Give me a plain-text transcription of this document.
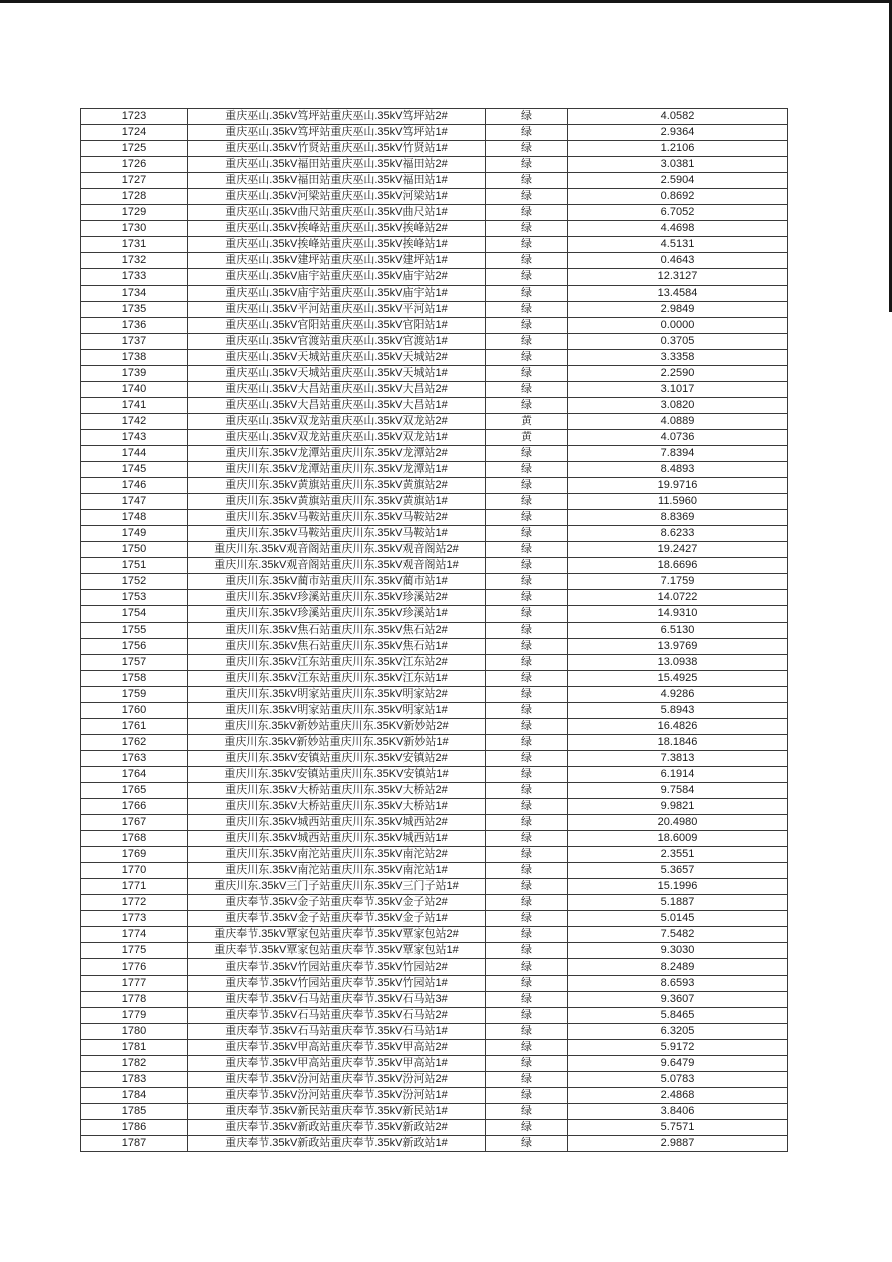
1723	重庆巫山.35kV笃坪站重庆巫山.35kV笃坪站2#	绿	4.0582
1724	重庆巫山.35kV笃坪站重庆巫山.35kV笃坪站1#	绿	2.9364
1725	重庆巫山.35kV竹贤站重庆巫山.35kV竹贤站1#	绿	1.2106
1726	重庆巫山.35kV福田站重庆巫山.35kV福田站2#	绿	3.0381
1727	重庆巫山.35kV福田站重庆巫山.35kV福田站1#	绿	2.5904
1728	重庆巫山.35kV河梁站重庆巫山.35kV河梁站1#	绿	0.8692
1729	重庆巫山.35kV曲尺站重庆巫山.35kV曲尺站1#	绿	6.7052
1730	重庆巫山.35kV挨峰站重庆巫山.35kV挨峰站2#	绿	4.4698
1731	重庆巫山.35kV挨峰站重庆巫山.35kV挨峰站1#	绿	4.5131
1732	重庆巫山.35kV建坪站重庆巫山.35kV建坪站1#	绿	0.4643
1733	重庆巫山.35kV庙宇站重庆巫山.35kV庙宇站2#	绿	12.3127
1734	重庆巫山.35kV庙宇站重庆巫山.35kV庙宇站1#	绿	13.4584
1735	重庆巫山.35kV平河站重庆巫山.35kV平河站1#	绿	2.9849
1736	重庆巫山.35kV官阳站重庆巫山.35kV官阳站1#	绿	0.0000
1737	重庆巫山.35kV官渡站重庆巫山.35kV官渡站1#	绿	0.3705
1738	重庆巫山.35kV天城站重庆巫山.35kV天城站2#	绿	3.3358
1739	重庆巫山.35kV天城站重庆巫山.35kV天城站1#	绿	2.2590
1740	重庆巫山.35kV大昌站重庆巫山.35kV大昌站2#	绿	3.1017
1741	重庆巫山.35kV大昌站重庆巫山.35kV大昌站1#	绿	3.0820
1742	重庆巫山.35kV双龙站重庆巫山.35kV双龙站2#	黄	4.0889
1743	重庆巫山.35kV双龙站重庆巫山.35kV双龙站1#	黄	4.0736
1744	重庆川东.35kV龙潭站重庆川东.35kV龙潭站2#	绿	7.8394
1745	重庆川东.35kV龙潭站重庆川东.35kV龙潭站1#	绿	8.4893
1746	重庆川东.35kV黄旗站重庆川东.35kV黄旗站2#	绿	19.9716
1747	重庆川东.35kV黄旗站重庆川东.35kV黄旗站1#	绿	11.5960
1748	重庆川东.35kV马鞍站重庆川东.35kV马鞍站2#	绿	8.8369
1749	重庆川东.35kV马鞍站重庆川东.35kV马鞍站1#	绿	8.6233
1750	重庆川东.35kV观音阁站重庆川东.35kV观音阁站2#	绿	19.2427
1751	重庆川东.35kV观音阁站重庆川东.35kV观音阁站1#	绿	18.6696
1752	重庆川东.35kV蔺市站重庆川东.35kV蔺市站1#	绿	7.1759
1753	重庆川东.35kV珍溪站重庆川东.35kV珍溪站2#	绿	14.0722
1754	重庆川东.35kV珍溪站重庆川东.35kV珍溪站1#	绿	14.9310
1755	重庆川东.35kV焦石站重庆川东.35kV焦石站2#	绿	6.5130
1756	重庆川东.35kV焦石站重庆川东.35kV焦石站1#	绿	13.9769
1757	重庆川东.35kV江东站重庆川东.35kV江东站2#	绿	13.0938
1758	重庆川东.35kV江东站重庆川东.35kV江东站1#	绿	15.4925
1759	重庆川东.35kV明家站重庆川东.35kV明家站2#	绿	4.9286
1760	重庆川东.35kV明家站重庆川东.35kV明家站1#	绿	5.8943
1761	重庆川东.35kV新妙站重庆川东.35KV新妙站2#	绿	16.4826
1762	重庆川东.35kV新妙站重庆川东.35KV新妙站1#	绿	18.1846
1763	重庆川东.35kV安镇站重庆川东.35kV安镇站2#	绿	7.3813
1764	重庆川东.35kV安镇站重庆川东.35KV安镇站1#	绿	6.1914
1765	重庆川东.35kV大桥站重庆川东.35kV大桥站2#	绿	9.7584
1766	重庆川东.35kV大桥站重庆川东.35kV大桥站1#	绿	9.9821
1767	重庆川东.35kV城西站重庆川东.35kV城西站2#	绿	20.4980
1768	重庆川东.35kV城西站重庆川东.35kV城西站1#	绿	18.6009
1769	重庆川东.35kV南沱站重庆川东.35kV南沱站2#	绿	2.3551
1770	重庆川东.35kV南沱站重庆川东.35kV南沱站1#	绿	5.3657
1771	重庆川东.35kV三门子站重庆川东.35kV三门子站1#	绿	15.1996
1772	重庆奉节.35kV金子站重庆奉节.35kV金子站2#	绿	5.1887
1773	重庆奉节.35kV金子站重庆奉节.35kV金子站1#	绿	5.0145
1774	重庆奉节.35kV覃家包站重庆奉节.35kV覃家包站2#	绿	7.5482
1775	重庆奉节.35kV覃家包站重庆奉节.35kV覃家包站1#	绿	9.3030
1776	重庆奉节.35kV竹园站重庆奉节.35kV竹园站2#	绿	8.2489
1777	重庆奉节.35kV竹园站重庆奉节.35kV竹园站1#	绿	8.6593
1778	重庆奉节.35kV石马站重庆奉节.35kV石马站3#	绿	9.3607
1779	重庆奉节.35kV石马站重庆奉节.35kV石马站2#	绿	5.8465
1780	重庆奉节.35kV石马站重庆奉节.35kV石马站1#	绿	6.3205
1781	重庆奉节.35kV甲高站重庆奉节.35kV甲高站2#	绿	5.9172
1782	重庆奉节.35kV甲高站重庆奉节.35kV甲高站1#	绿	9.6479
1783	重庆奉节.35kV汾河站重庆奉节.35kV汾河站2#	绿	5.0783
1784	重庆奉节.35kV汾河站重庆奉节.35kV汾河站1#	绿	2.4868
1785	重庆奉节.35kV新民站重庆奉节.35kV新民站1#	绿	3.8406
1786	重庆奉节.35kV新政站重庆奉节.35kV新政站2#	绿	5.7571
1787	重庆奉节.35kV新政站重庆奉节.35kV新政站1#	绿	2.9887
